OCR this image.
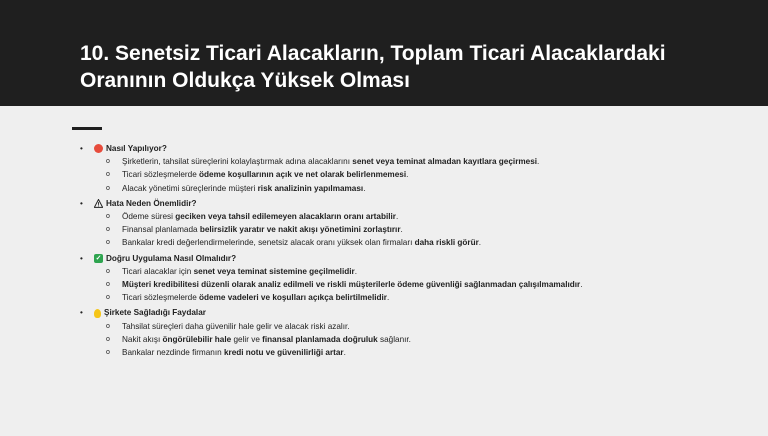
10. Senetsiz Ticari Alacakların, Toplam Ticari Alacaklardaki Oranının Oldukça Yüksek Olması
•	Nasıl Yapılıyor?
o Şirketlerin, tahsilat süreçlerini kolaylaştırmak adına alacaklarını senet veya teminat almadan kayıtlara geçirmesi.
o Ticari sözleşmelerde ödeme koşullarının açık ve net olarak belirlenmemesi.
o Alacak yönetimi süreçlerinde müşteri risk analizinin yapılmaması.
•	Hata Neden Önemlidir?
o Ödeme süresi geciken veya tahsil edilemeyen alacakların oranı artabilir.
o Finansal planlamada belirsizlik yaratır ve nakit akışı yönetimini zorlaştırır.
o Bankalar kredi değerlendirmelerinde, senetsiz alacak oranı yüksek olan firmaları daha riskli görür.
• ✓ Doğru Uygulama Nasıl Olmalıdır?
o Ticari alacaklar için senet veya teminat sistemine geçilmelidir.
o Müşteri kredibilitesi düzenli olarak analiz edilmeli ve riskli müşterilerle ödeme güvenliği sağlanmadan çalışılmamalıdır.
o Ticari sözleşmelerde ödeme vadeleri ve koşulları açıkça belirtilmelidir.
•	Şirkete Sağladığı Faydalar
o Tahsilat süreçleri daha güvenilir hale gelir ve alacak riski azalır.
o Nakit akışı öngörülebilir hale gelir ve finansal planlamada doğruluk sağlanır.
o Bankalar nezdinde firmanın kredi notu ve güvenilirliği artar.
